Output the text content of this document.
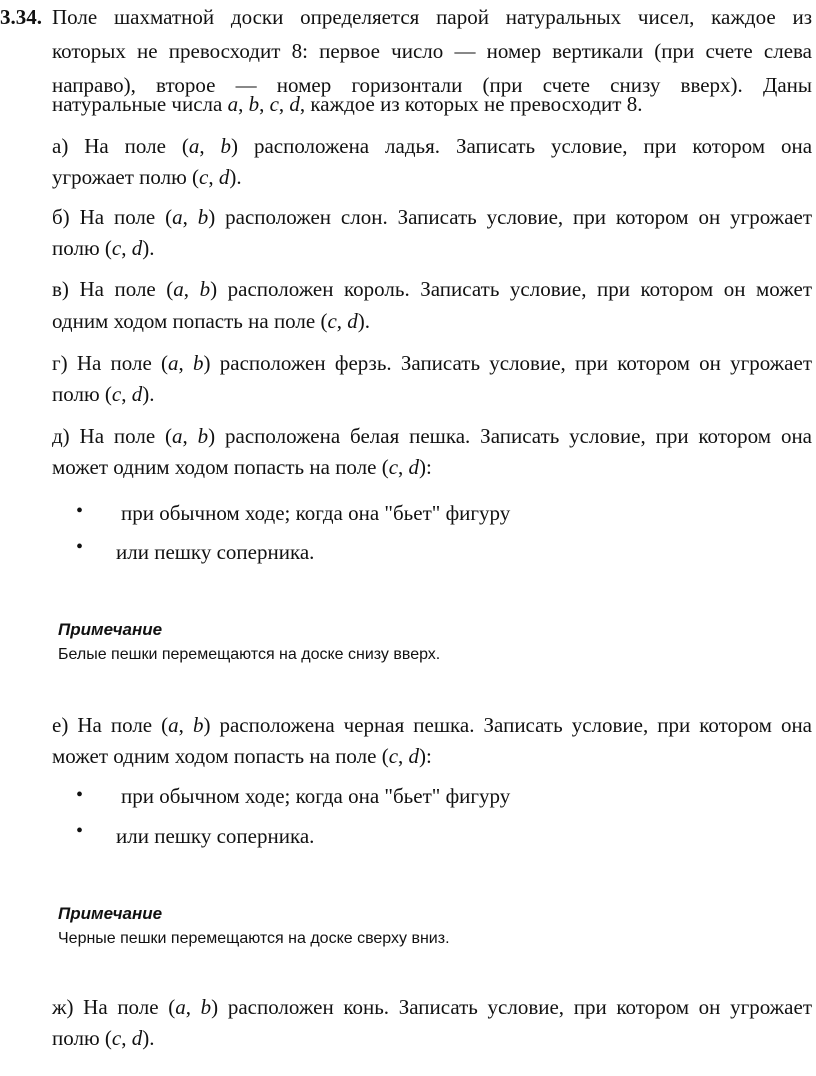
3.34. Поле шахматной доски определяется парой натуральных чисел, каждое из
которых не превосходит 8: первое число — номер вертикали (при счете слева
направо), второе — номер горизонтали (при счете снизу вверх). Даны
натуральные числа a, b, c, d, каждое из которых не превосходит 8.
а) На поле (a, b) расположена ладья. Записать условие, при котором она
угрожает полю (c, d).
б) На поле (a, b) расположен слон. Записать условие, при котором он угрожает
полю (c, d).
в) На поле (a, b) расположен король. Записать условие, при котором он может
одним ходом попасть на поле (c, d).
г) На поле (a, b) расположен ферзь. Записать условие, при котором он угрожает
полю (c, d).
д) На поле (a, b) расположена белая пешка. Записать условие, при котором она
может одним ходом попасть на поле (c, d):
• при обычном ходе; когда она "бьет" фигуру
• или пешку соперника.
Примечание
Белые пешки перемещаются на доске снизу вверх.
е) На поле (a, b) расположена черная пешка. Записать условие, при котором она
может одним ходом попасть на поле (c, d):
• при обычном ходе; когда она "бьет" фигуру
• или пешку соперника.
Примечание
Черные пешки перемещаются на доске сверху вниз.
ж) На поле (a, b) расположен конь. Записать условие, при котором он угрожает
полю (c, d).
